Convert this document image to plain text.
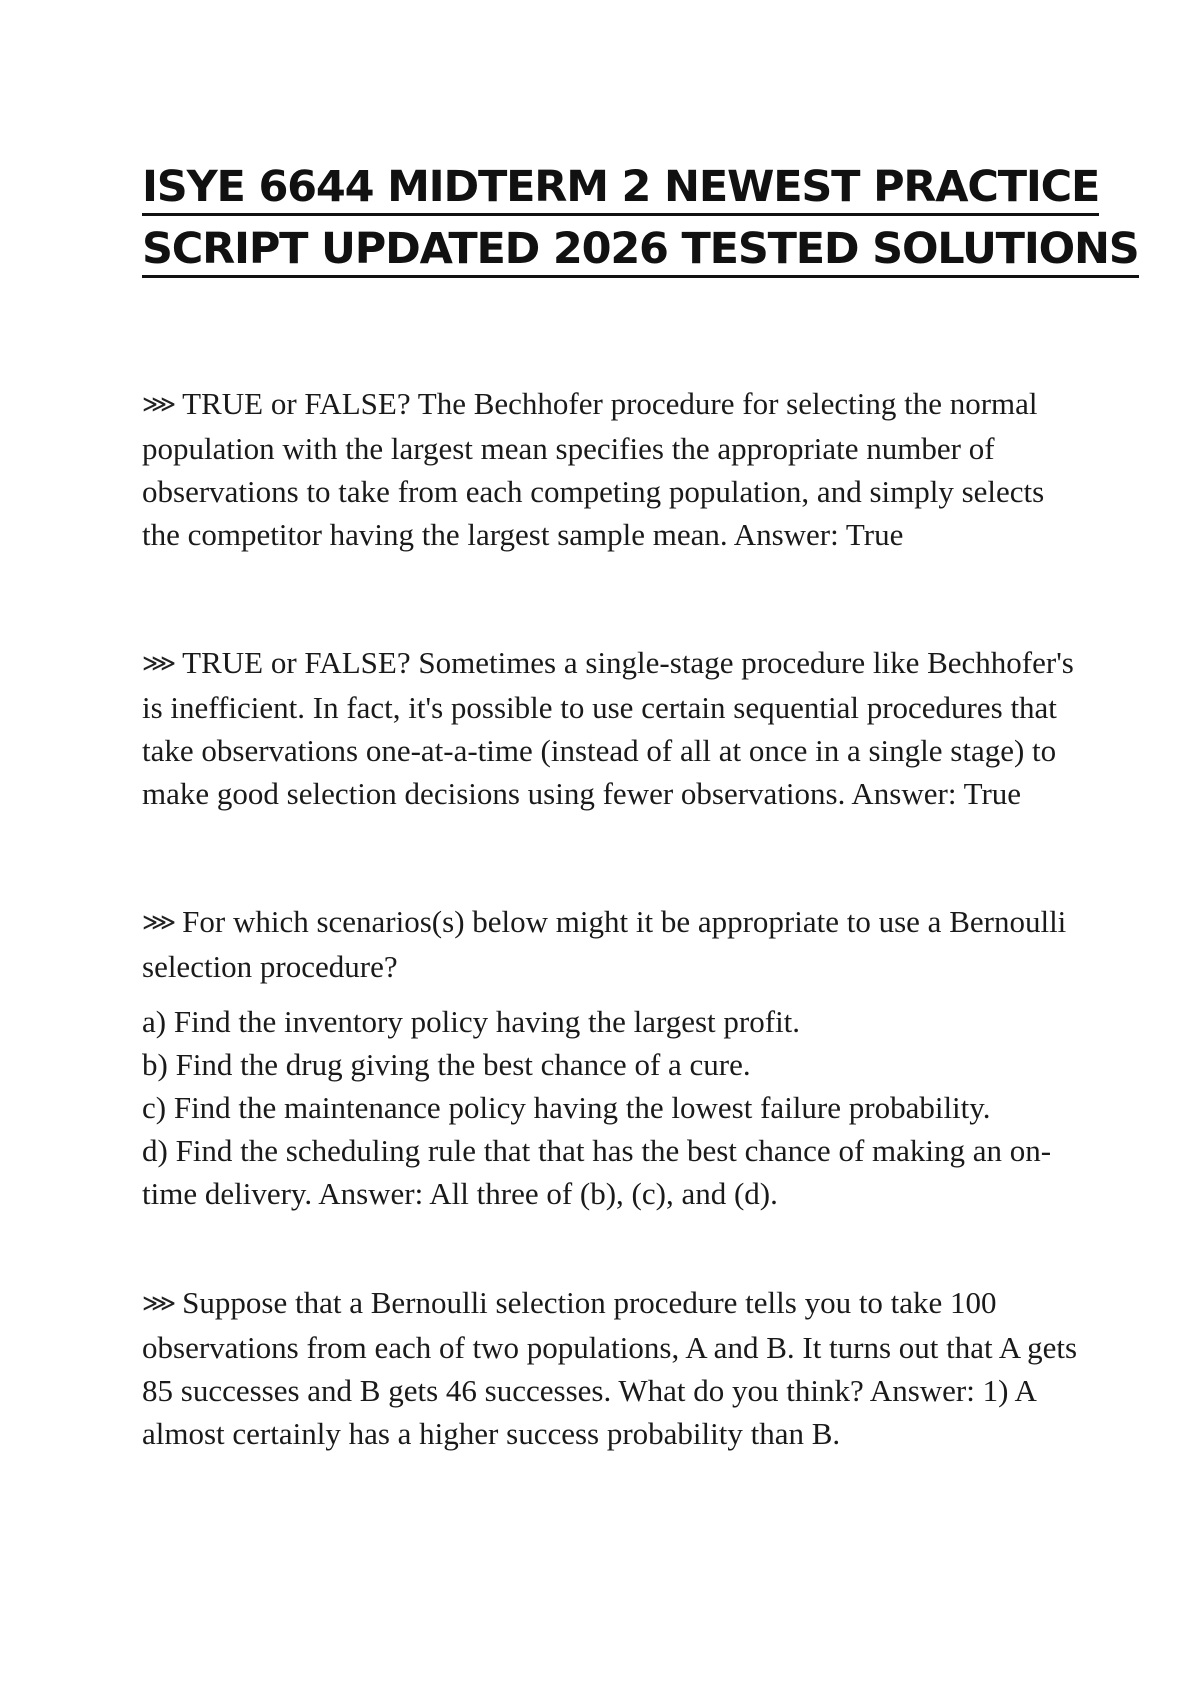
ISYE 6644 MIDTERM 2 NEWEST PRACTICE
SCRIPT UPDATED 2026 TESTED SOLUTIONS

⋙ TRUE or FALSE? The Bechhofer procedure for selecting the normal population with the largest mean specifies the appropriate number of observations to take from each competing population, and simply selects the competitor having the largest sample mean. Answer: True

⋙ TRUE or FALSE? Sometimes a single-stage procedure like Bechhofer's is inefficient. In fact, it's possible to use certain sequential procedures that take observations one-at-a-time (instead of all at once in a single stage) to make good selection decisions using fewer observations. Answer: True

⋙ For which scenarios(s) below might it be appropriate to use a Bernoulli selection procedure?

a) Find the inventory policy having the largest profit.

b) Find the drug giving the best chance of a cure.

c) Find the maintenance policy having the lowest failure probability.

d) Find the scheduling rule that that has the best chance of making an on-time delivery. Answer: All three of (b), (c), and (d).

⋙ Suppose that a Bernoulli selection procedure tells you to take 100 observations from each of two populations, A and B. It turns out that A gets 85 successes and B gets 46 successes. What do you think? Answer: 1) A almost certainly has a higher success probability than B.
